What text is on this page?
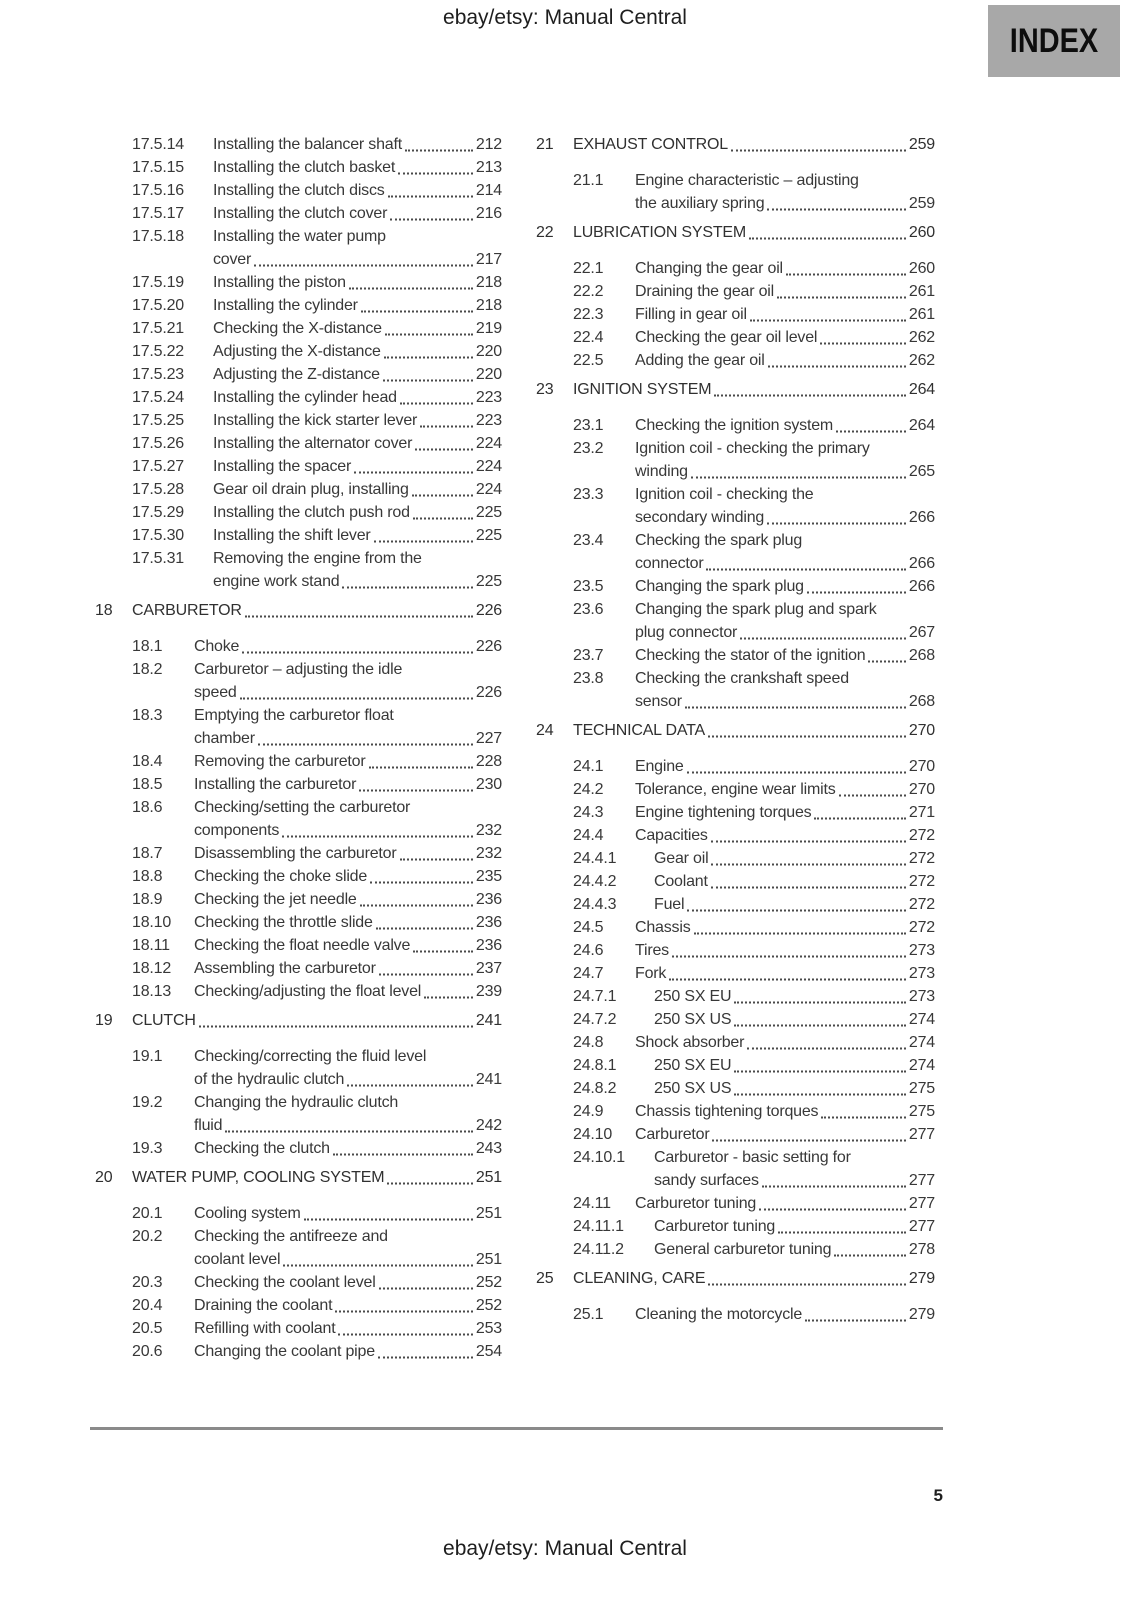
ebay/etsy: Manual Central
INDEX
17.5.14 Installing the balancer shaft	212
17.5.15 Installing the clutch basket	213
17.5.16 Installing the clutch discs	214
17.5.17 Installing the clutch cover	216
17.5.18 Installing the water pump
cover	217
17.5.19 Installing the piston	218
17.5.20 Installing the cylinder	218
17.5.21 Checking the X-distance	219
17.5.22 Adjusting the X-distance	220
17.5.23 Adjusting the Z-distance	220
17.5.24 Installing the cylinder head	223
17.5.25 Installing the kick starter lever	223
17.5.26 Installing the alternator cover	224
17.5.27 Installing the spacer	224
17.5.28 Gear oil drain plug, installing	224
17.5.29 Installing the clutch push rod	225
17.5.30 Installing the shift lever	225
17.5.31 Removing the engine from the
engine work stand	225
18 CARBURETOR	226
18.1 Choke	226
18.2 Carburetor – adjusting the idle
speed	226
18.3 Emptying the carburetor float
chamber	227
18.4 Removing the carburetor	228
18.5 Installing the carburetor	230
18.6 Checking/setting the carburetor
components	232
18.7 Disassembling the carburetor	232
18.8 Checking the choke slide	235
18.9 Checking the jet needle	236
18.10 Checking the throttle slide	236
18.11 Checking the float needle valve	236
18.12 Assembling the carburetor	237
18.13 Checking/adjusting the float level	239
19 CLUTCH	241
19.1 Checking/correcting the fluid level
of the hydraulic clutch	241
19.2 Changing the hydraulic clutch
fluid	242
19.3 Checking the clutch	243
20 WATER PUMP, COOLING SYSTEM	251
20.1 Cooling system	251
20.2 Checking the antifreeze and
coolant level	251
20.3 Checking the coolant level	252
20.4 Draining the coolant	252
20.5 Refilling with coolant	253
20.6 Changing the coolant pipe	254
21 EXHAUST CONTROL	259
21.1 Engine characteristic – adjusting
the auxiliary spring	259
22 LUBRICATION SYSTEM	260
22.1 Changing the gear oil	260
22.2 Draining the gear oil	261
22.3 Filling in gear oil	261
22.4 Checking the gear oil level	262
22.5 Adding the gear oil	262
23 IGNITION SYSTEM	264
23.1 Checking the ignition system	264
23.2 Ignition coil - checking the primary
winding	265
23.3 Ignition coil - checking the
secondary winding	266
23.4 Checking the spark plug
connector	266
23.5 Changing the spark plug	266
23.6 Changing the spark plug and spark
plug connector	267
23.7 Checking the stator of the ignition	268
23.8 Checking the crankshaft speed
sensor	268
24 TECHNICAL DATA	270
24.1 Engine	270
24.2 Tolerance, engine wear limits	270
24.3 Engine tightening torques	271
24.4 Capacities	272
24.4.1 Gear oil	272
24.4.2 Coolant	272
24.4.3 Fuel	272
24.5 Chassis	272
24.6 Tires	273
24.7 Fork	273
24.7.1 250 SX EU	273
24.7.2 250 SX US	274
24.8 Shock absorber	274
24.8.1 250 SX EU	274
24.8.2 250 SX US	275
24.9 Chassis tightening torques	275
24.10 Carburetor	277
24.10.1 Carburetor - basic setting for
sandy surfaces	277
24.11 Carburetor tuning	277
24.11.1 Carburetor tuning	277
24.11.2 General carburetor tuning	278
25 CLEANING, CARE	279
25.1 Cleaning the motorcycle	279
5
ebay/etsy: Manual Central
